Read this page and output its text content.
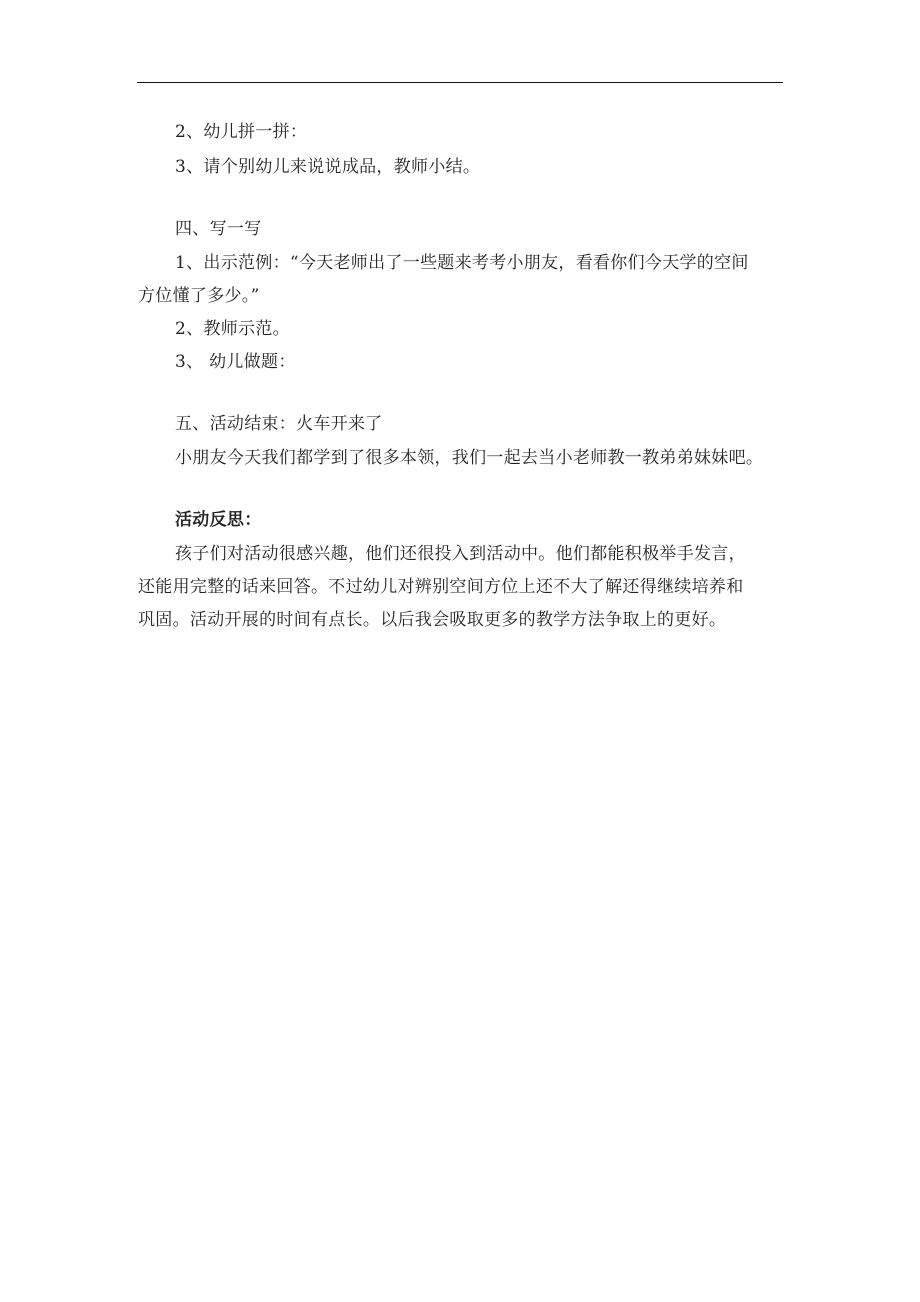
2、幼儿拼一拼：
3、请个别幼儿来说说成品，教师小结。
四、写一写
1、出示范例：“今天老师出了一些题来考考小朋友，看看你们今天学的空间
方位懂了多少。”
2、教师示范。
3、 幼儿做题：
五、活动结束：火车开来了
小朋友今天我们都学到了很多本领，我们一起去当小老师教一教弟弟妹妹吧。
活动反思：
孩子们对活动很感兴趣，他们还很投入到活动中。他们都能积极举手发言，
还能用完整的话来回答。不过幼儿对辨别空间方位上还不大了解还得继续培养和
巩固。活动开展的时间有点长。以后我会吸取更多的教学方法争取上的更好。
